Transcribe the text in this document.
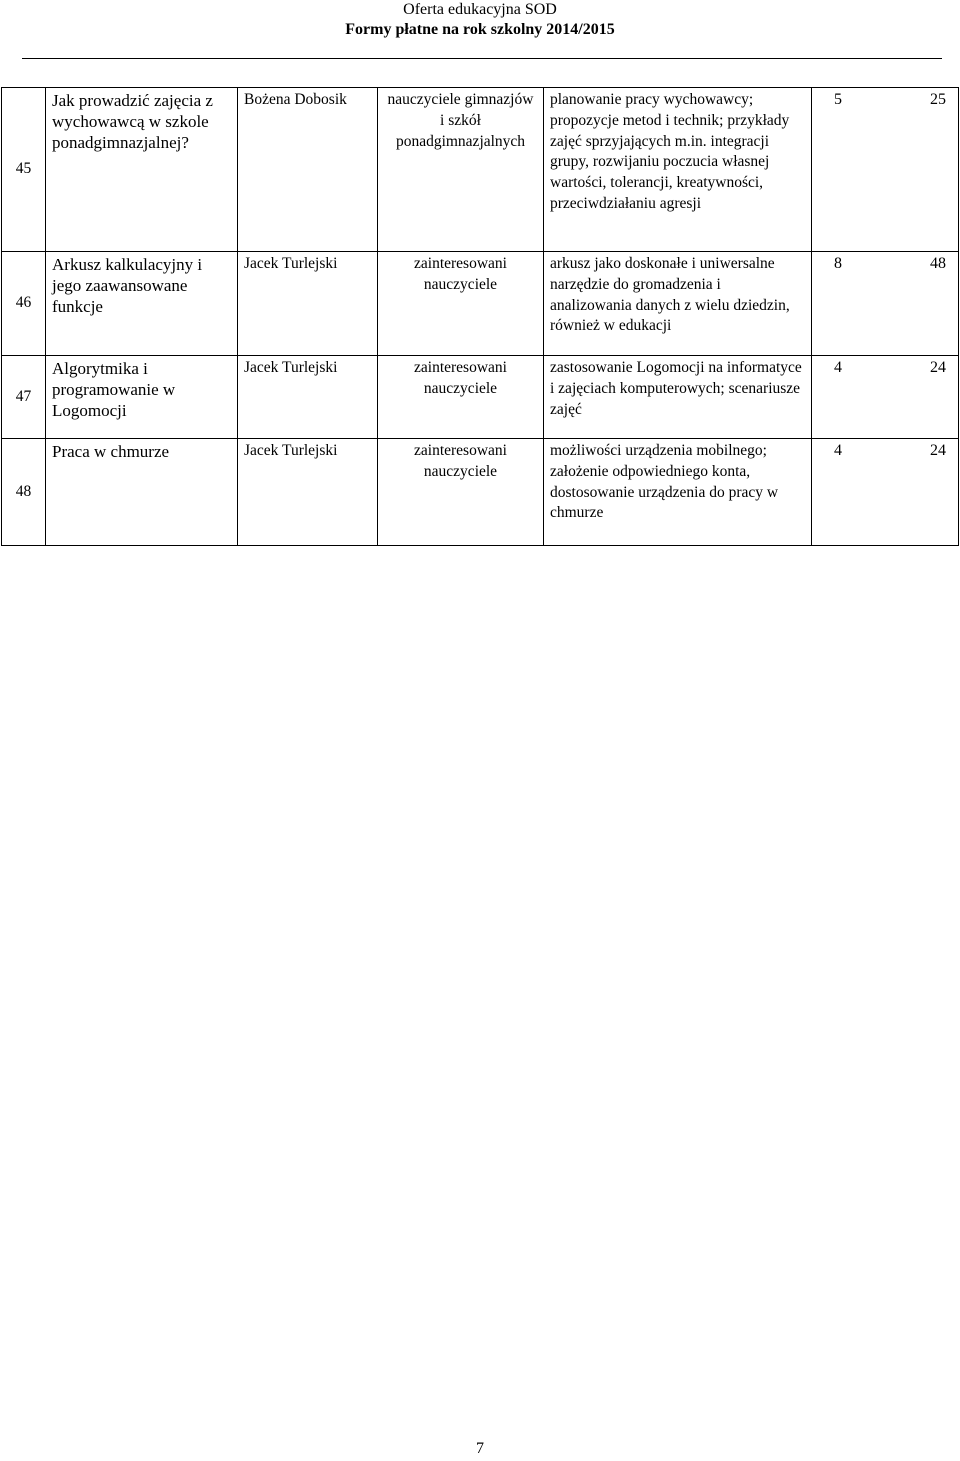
Oferta edukacyjna SOD
Formy płatne na rok szkolny 2014/2015
45	Jak prowadzić zajęcia z wychowawcą w szkole ponadgimnazjalnej?	Bożena Dobosik	nauczyciele gimnazjów i szkół ponadgimnazjalnych	planowanie pracy wychowawcy; propozycje metod i technik; przykłady zajęć sprzyjających m.in. integracji grupy, rozwijaniu poczucia własnej wartości, tolerancji, kreatywności, przeciwdziałaniu agresji	5 25

46	Arkusz kalkulacyjny i jego zaawansowane funkcje	Jacek Turlejski	zainteresowani nauczyciele	arkusz jako doskonałe i uniwersalne narzędzie do gromadzenia i analizowania danych z wielu dziedzin, również w edukacji	8 48

47	Algorytmika i programowanie w Logomocji	Jacek Turlejski	zainteresowani nauczyciele	zastosowanie Logomocji na informatyce i zajęciach komputerowych; scenariusze zajęć	4 24

48	Praca w chmurze	Jacek Turlejski	zainteresowani nauczyciele	możliwości urządzenia mobilnego; założenie odpowiedniego konta, dostosowanie urządzenia do pracy w chmurze	4 24
7
